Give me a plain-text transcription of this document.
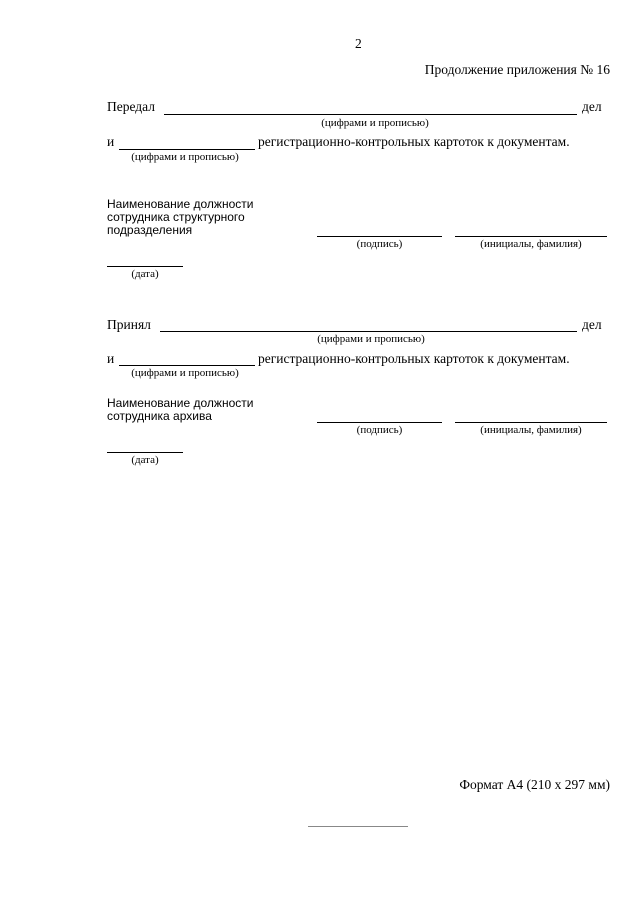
2
Продолжение приложения № 16
Передал	дел
(цифрами и прописью)
и	регистрационно-контрольных картоток к документам.
(цифрами и прописью)
Наименование должности
сотрудника структурного
подразделения
(подпись)	(инициалы, фамилия)
(дата)
Принял	дел
(цифрами и прописью)
и	регистрационно-контрольных картоток к документам.
(цифрами и прописью)
Наименование должности
сотрудника архива
(подпись)	(инициалы, фамилия)
(дата)
Формат А4 (210 х 297 мм)
